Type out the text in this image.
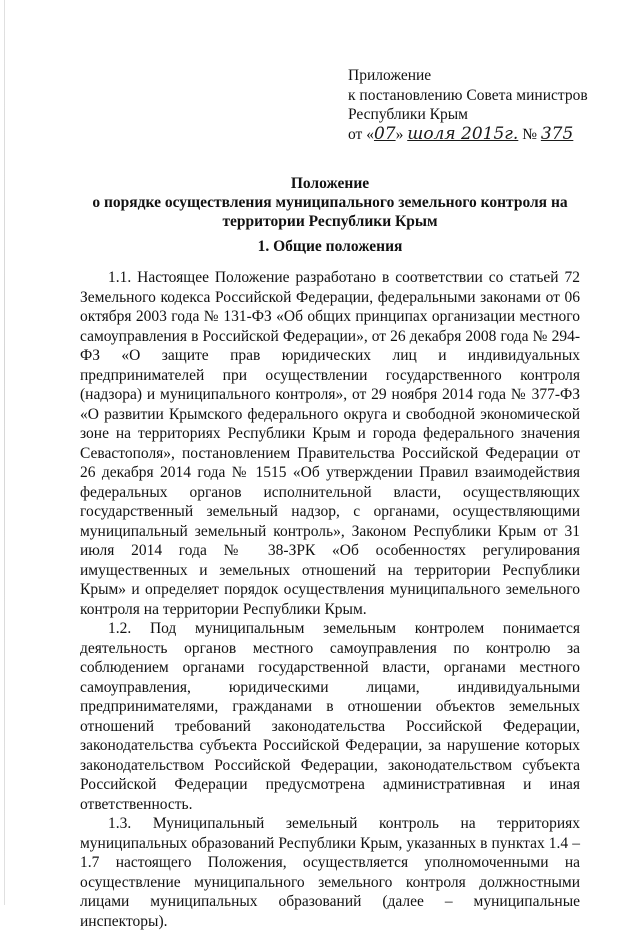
Приложение
к постановлению Совета министров
Республики Крым
от «07» шоля 2015г. № 375
Положение
о порядке осуществления муниципального земельного контроля на
территории Республики Крым
1. Общие положения

1.1. Настоящее Положение разработано в соответствии со статьей 72 Земельного кодекса Российской Федерации, федеральными законами от 06 октября 2003 года № 131-ФЗ «Об общих принципах организации местного самоуправления в Российской Федерации», от 26 декабря 2008 года № 294-ФЗ «О защите прав юридических лиц и индивидуальных предпринимателей при осуществлении государственного контроля (надзора) и муниципального контроля», от 29 ноября 2014 года № 377-ФЗ «О развитии Крымского федерального округа и свободной экономической зоне на территориях Республики Крым и города федерального значения Севастополя», постановлением Правительства Российской Федерации от 26 декабря 2014 года № 1515 «Об утверждении Правил взаимодействия федеральных органов исполнительной власти, осуществляющих государственный земельный надзор, с органами, осуществляющими муниципальный земельный контроль», Законом Республики Крым от 31 июля 2014 года № 38-ЗРК «Об особенностях регулирования имущественных и земельных отношений на территории Республики Крым» и определяет порядок осуществления муниципального земельного контроля на территории Республики Крым.

1.2. Под муниципальным земельным контролем понимается деятельность органов местного самоуправления по контролю за соблюдением органами государственной власти, органами местного самоуправления, юридическими лицами, индивидуальными предпринимателями, гражданами в отношении объектов земельных отношений требований законодательства Российской Федерации, законодательства субъекта Российской Федерации, за нарушение которых законодательством Российской Федерации, законодательством субъекта Российской Федерации предусмотрена административная и иная ответственность.

1.3. Муниципальный земельный контроль на территориях муниципальных образований Республики Крым, указанных в пунктах 1.4 – 1.7 настоящего Положения, осуществляется уполномоченными на осуществление муниципального земельного контроля должностными лицами муниципальных образований (далее – муниципальные инспекторы).
